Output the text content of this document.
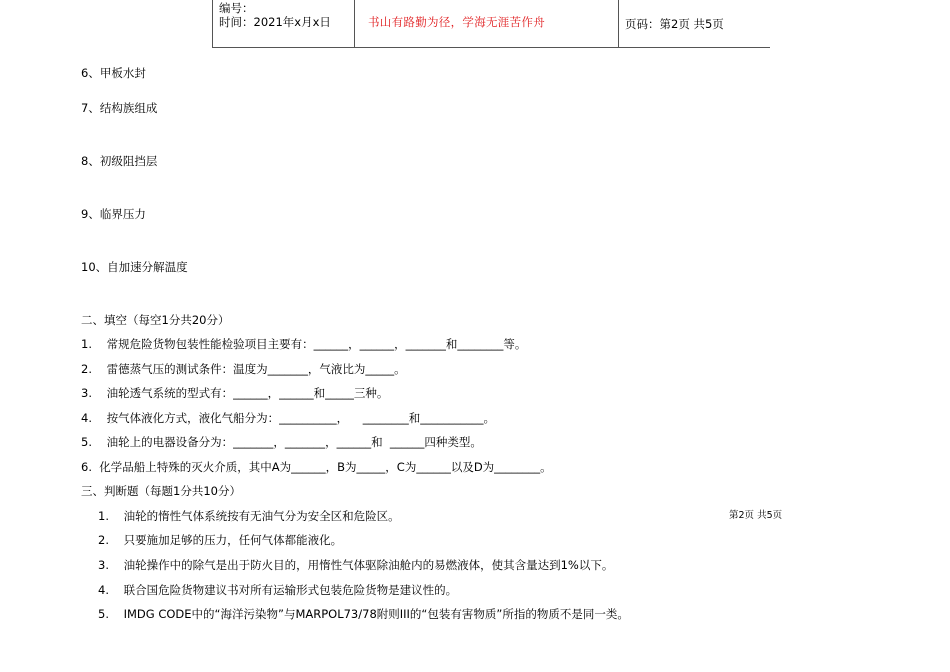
编号：
时间：2021年x月x日	书山有路勤为径，学海无涯苦作舟	页码：第2页 共5页
6、甲板水封
7、结构族组成
8、初级阻挡层
9、临界压力
10、自加速分解温度
二、填空（每空1分共20分）
1.    常规危险货物包装性能检验项目主要有：______，______，_______和________等。
2.    雷德蒸气压的测试条件：温度为_______，气液比为_____。
3.    油轮透气系统的型式有：______，______和_____三种。
4.    按气体液化方式，液化气船分为：__________，    ________和___________。
5.    油轮上的电器设备分为：_______，_______，______和  ______四种类型。
6.  化学品船上特殊的灭火介质，其中A为______，B为_____，C为______以及D为________。
三、判断题（每题1分共10分）
1.    油轮的惰性气体系统按有无油气分为安全区和危险区。
2.    只要施加足够的压力，任何气体都能液化。
3.    油轮操作中的除气是出于防火目的，用惰性气体驱除油舱内的易燃液体，使其含量达到1%以下。
4.    联合国危险货物建议书对所有运输形式包装危险货物是建议性的。
5.    IMDG CODE中的“海洋污染物”与MARPOL73/78附则III的“包装有害物质”所指的物质不是同一类。
第2页 共5页
